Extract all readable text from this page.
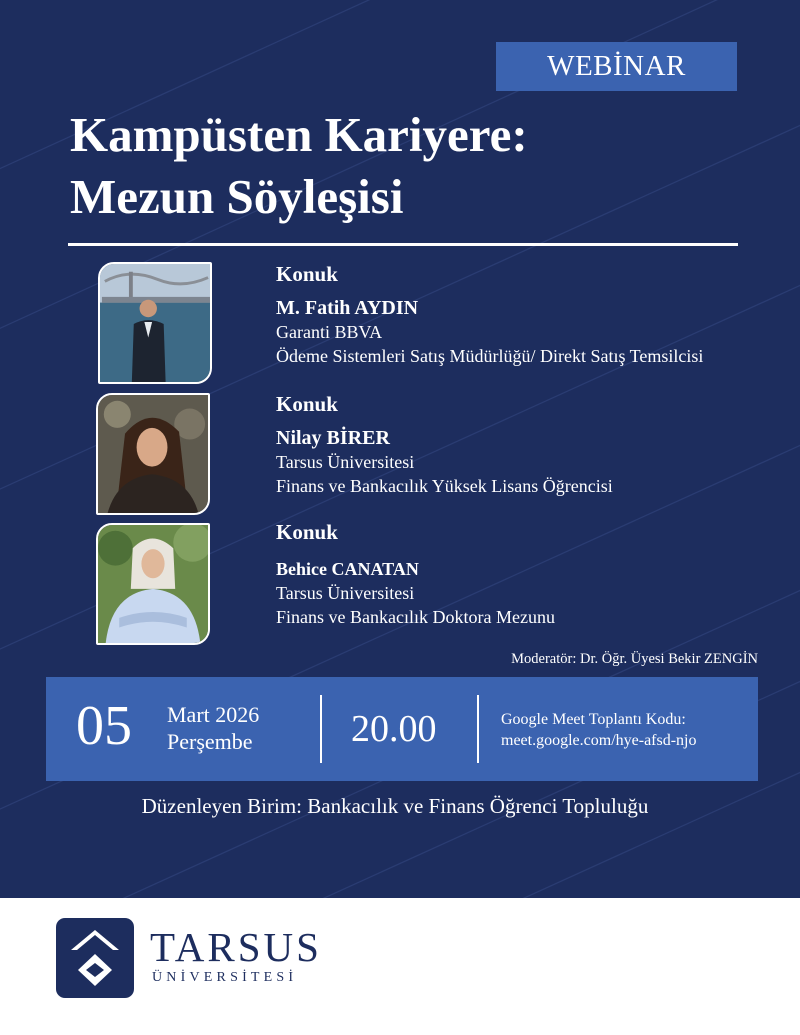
WEBİNAR
Kampüsten Kariyere:
Mezun Söyleşisi
Konuk
M. Fatih AYDIN
Garanti BBVA
Ödeme Sistemleri Satış Müdürlüğü/ Direkt Satış Temsilcisi
Konuk
Nilay BİRER
Tarsus Üniversitesi
Finans ve Bankacılık Yüksek Lisans Öğrencisi
Konuk
Behice CANATAN
Tarsus Üniversitesi
Finans ve Bankacılık Doktora Mezunu
Moderatör: Dr. Öğr. Üyesi Bekir ZENGİN
05 Mart 2026
Perşembe	20.00	Google Meet Toplantı Kodu:
meet.google.com/hye-afsd-njo
Düzenleyen Birim: Bankacılık ve Finans Öğrenci Topluluğu
TARSUS
ÜNİVERSİTESİ
